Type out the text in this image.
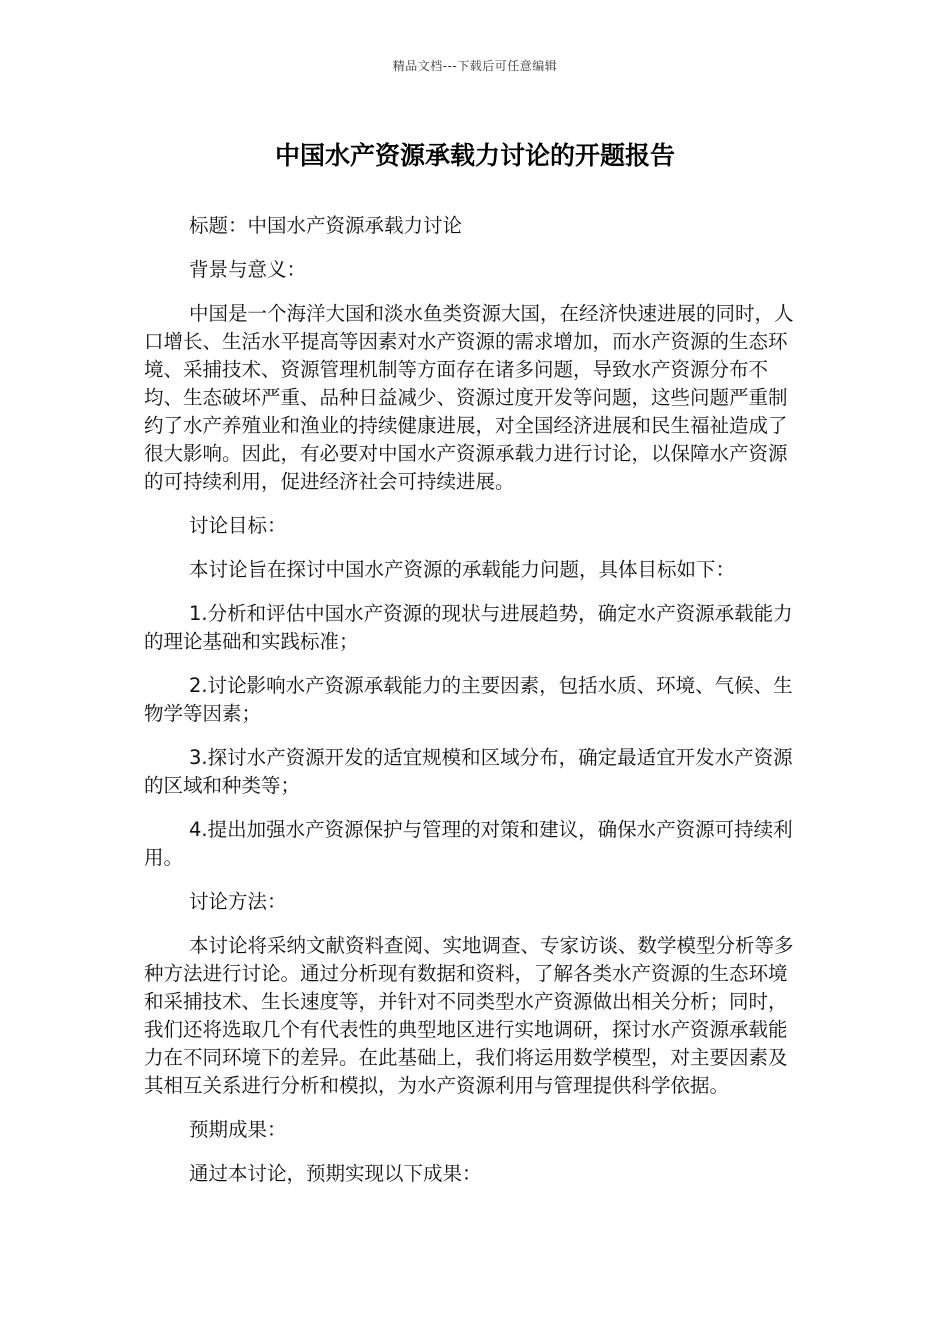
精品文档---下载后可任意编辑
中国水产资源承载力讨论的开题报告

标题：中国水产资源承载力讨论

背景与意义：

中国是一个海洋大国和淡水鱼类资源大国，在经济快速进展的同时，人口增长、生活水平提高等因素对水产资源的需求增加，而水产资源的生态环境、采捕技术、资源管理机制等方面存在诸多问题，导致水产资源分布不均、生态破坏严重、品种日益减少、资源过度开发等问题，这些问题严重制约了水产养殖业和渔业的持续健康进展，对全国经济进展和民生福祉造成了很大影响。因此，有必要对中国水产资源承载力进行讨论，以保障水产资源的可持续利用，促进经济社会可持续进展。

讨论目标：

本讨论旨在探讨中国水产资源的承载能力问题，具体目标如下：

1.分析和评估中国水产资源的现状与进展趋势，确定水产资源承载能力的理论基础和实践标准；

2.讨论影响水产资源承载能力的主要因素，包括水质、环境、气候、生物学等因素；

3.探讨水产资源开发的适宜规模和区域分布，确定最适宜开发水产资源的区域和种类等；

4.提出加强水产资源保护与管理的对策和建议，确保水产资源可持续利用。

讨论方法：

本讨论将采纳文献资料查阅、实地调查、专家访谈、数学模型分析等多种方法进行讨论。通过分析现有数据和资料，了解各类水产资源的生态环境和采捕技术、生长速度等，并针对不同类型水产资源做出相关分析；同时，我们还将选取几个有代表性的典型地区进行实地调研，探讨水产资源承载能力在不同环境下的差异。在此基础上，我们将运用数学模型，对主要因素及其相互关系进行分析和模拟，为水产资源利用与管理提供科学依据。

预期成果：

通过本讨论，预期实现以下成果：
